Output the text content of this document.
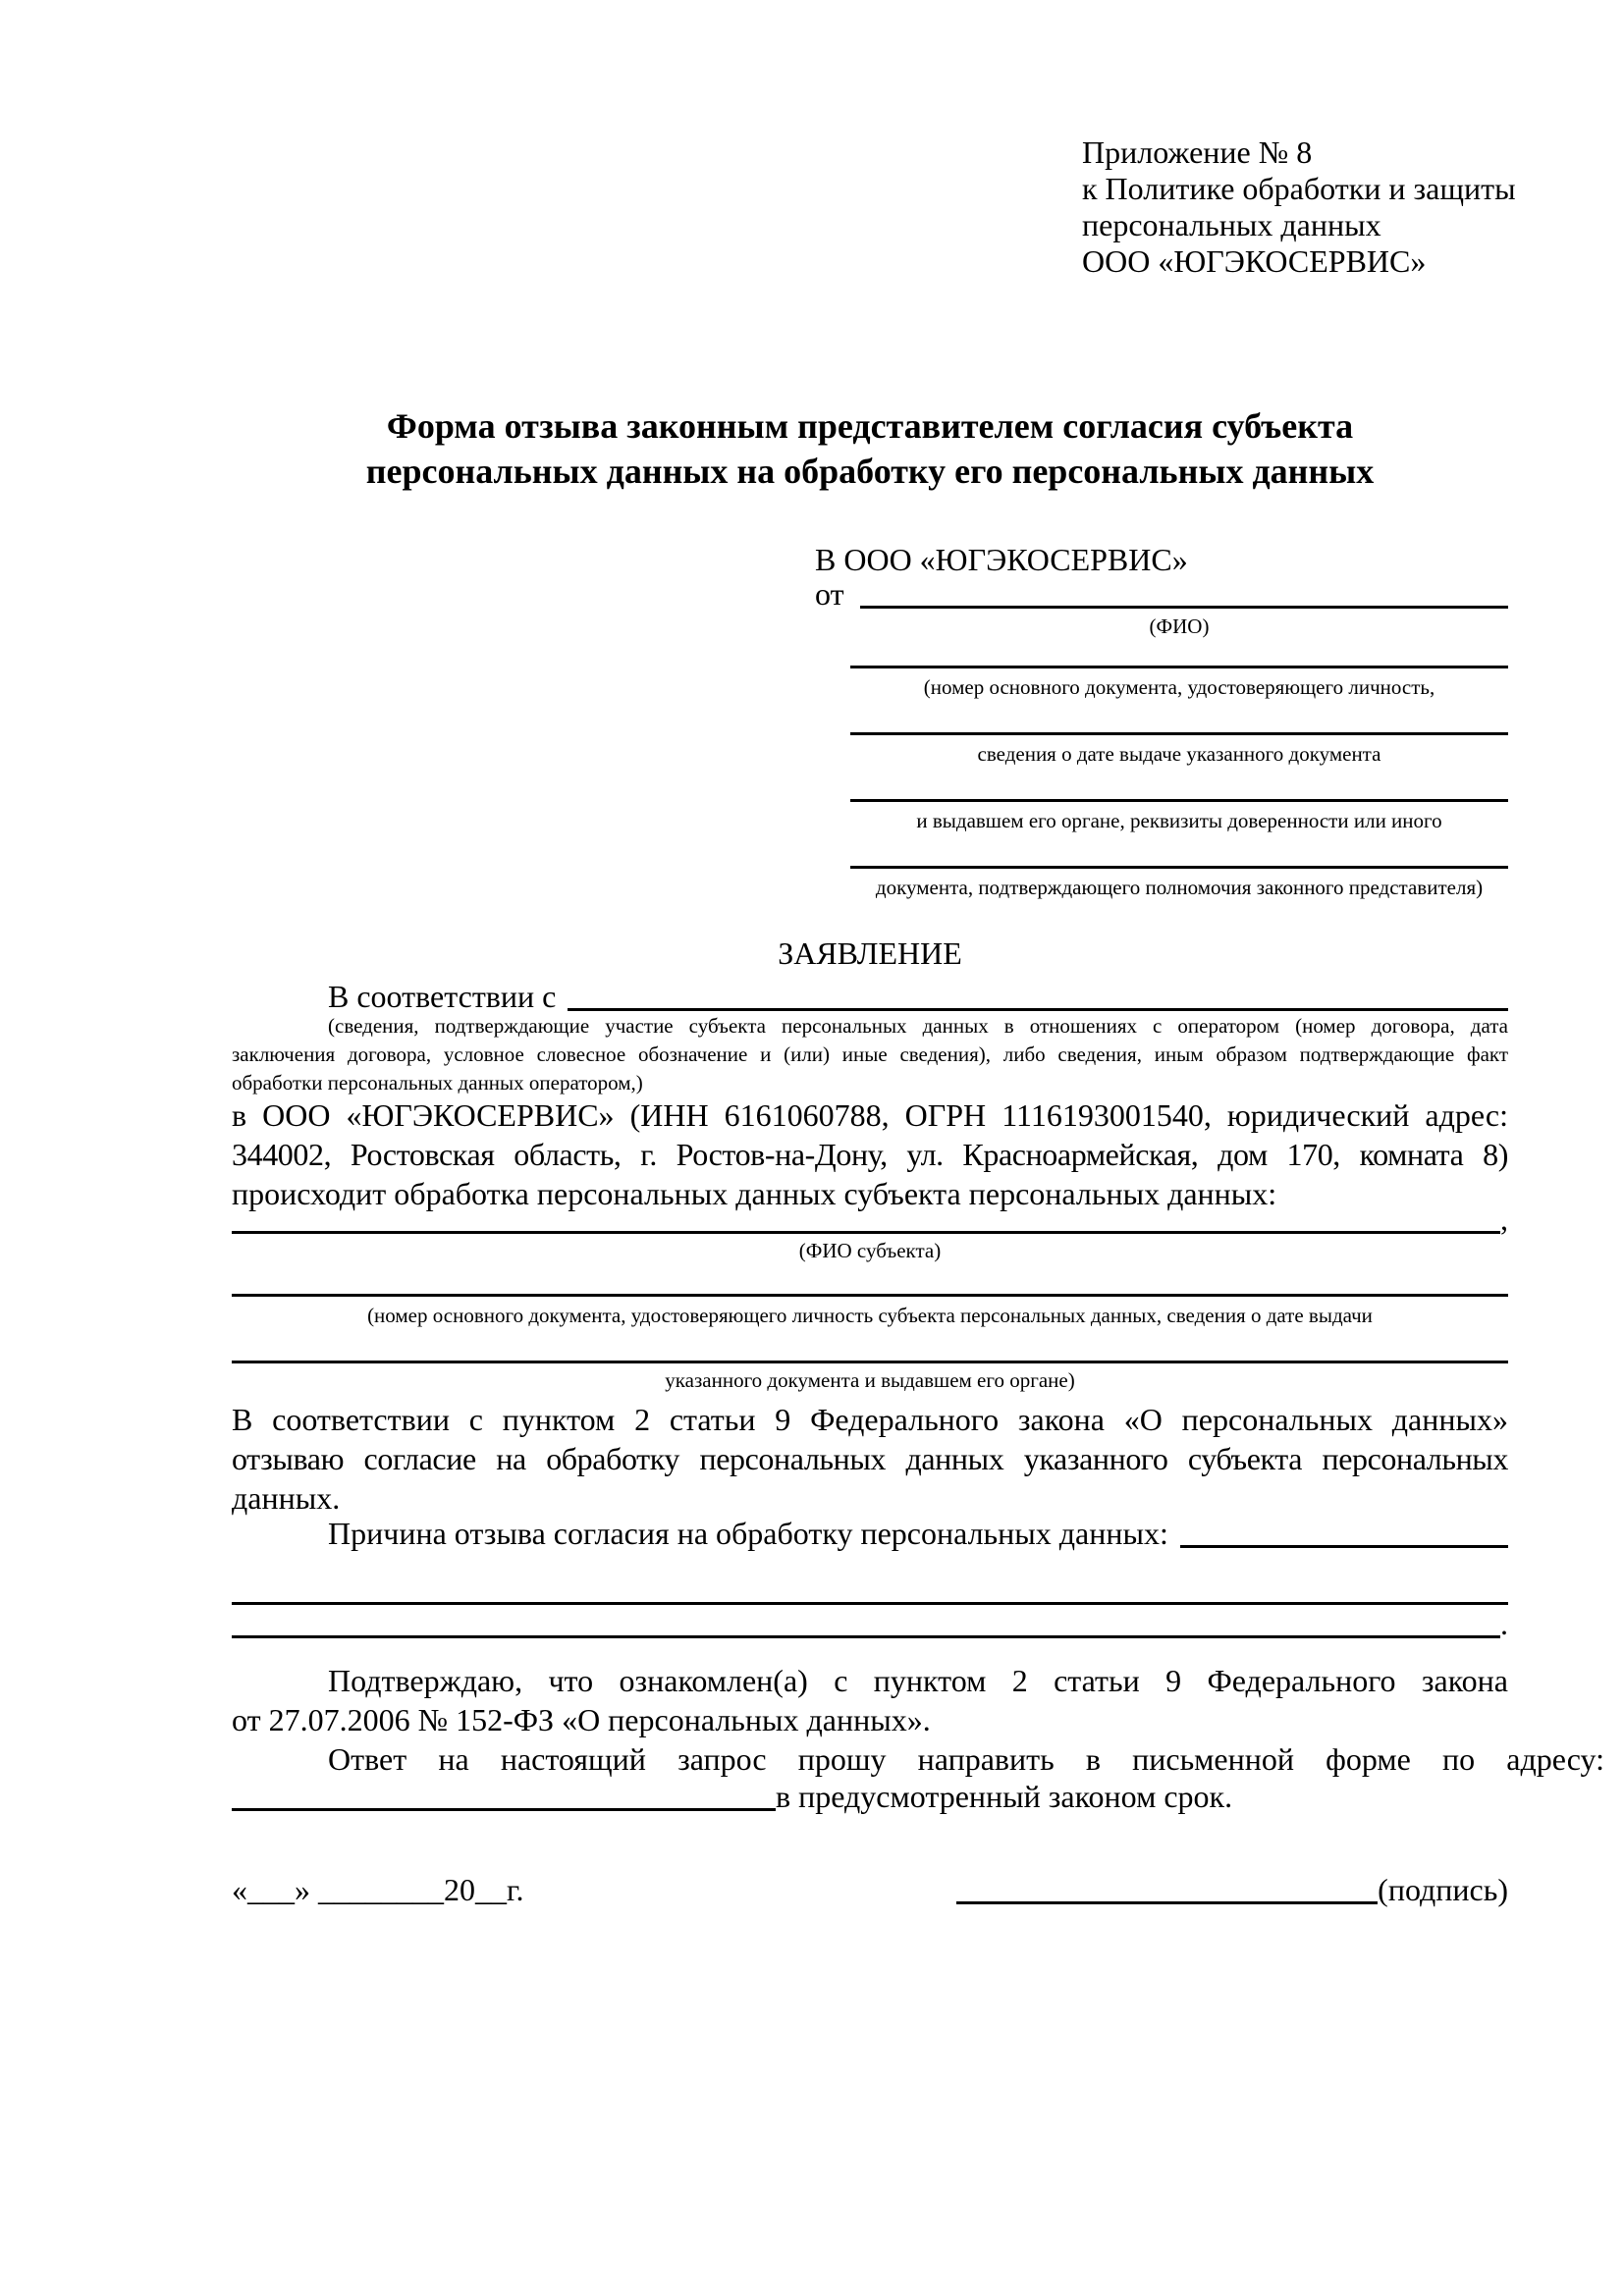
Приложение № 8
к Политике обработки и защиты
персональных данных
ООО «ЮГЭКОСЕРВИС»
Форма отзыва законным представителем согласия субъекта
персональных данных на обработку его персональных данных
В ООО «ЮГЭКОСЕРВИС»
от
(ФИО)
(номер основного документа, удостоверяющего личность,
сведения о дате выдаче указанного документа
и выдавшем его органе, реквизиты доверенности или иного
документа, подтверждающего полномочия законного представителя)
ЗАЯВЛЕНИЕ
В соответствии с
(сведения, подтверждающие участие субъекта персональных данных в отношениях с оператором (номер договора, дата
заключения договора, условное словесное обозначение и (или) иные сведения), либо сведения, иным образом подтверждающие факт
обработки персональных данных оператором,)
в ООО «ЮГЭКОСЕРВИС» (ИНН 6161060788, ОГРН 1116193001540, юридический адрес:
344002, Ростовская область, г. Ростов-на-Дону, ул. Красноармейская, дом 170, комната 8)
происходит обработка персональных данных субъекта персональных данных:
,
(ФИО субъекта)
(номер основного документа, удостоверяющего личность субъекта персональных данных, сведения о дате выдачи
указанного документа и выдавшем его органе)
В соответствии с пунктом 2 статьи 9 Федерального закона «О персональных данных»
отзываю согласие на обработку персональных данных указанного субъекта персональных
данных.
Причина отзыва согласия на обработку персональных данных:
.
Подтверждаю, что ознакомлен(а) с пунктом 2 статьи 9 Федерального закона
от 27.07.2006 № 152-ФЗ «О персональных данных».
Ответ на настоящий запрос прошу направить в письменной форме по адресу:
в предусмотренный законом срок.
«___» ________20__г.	(подпись)
